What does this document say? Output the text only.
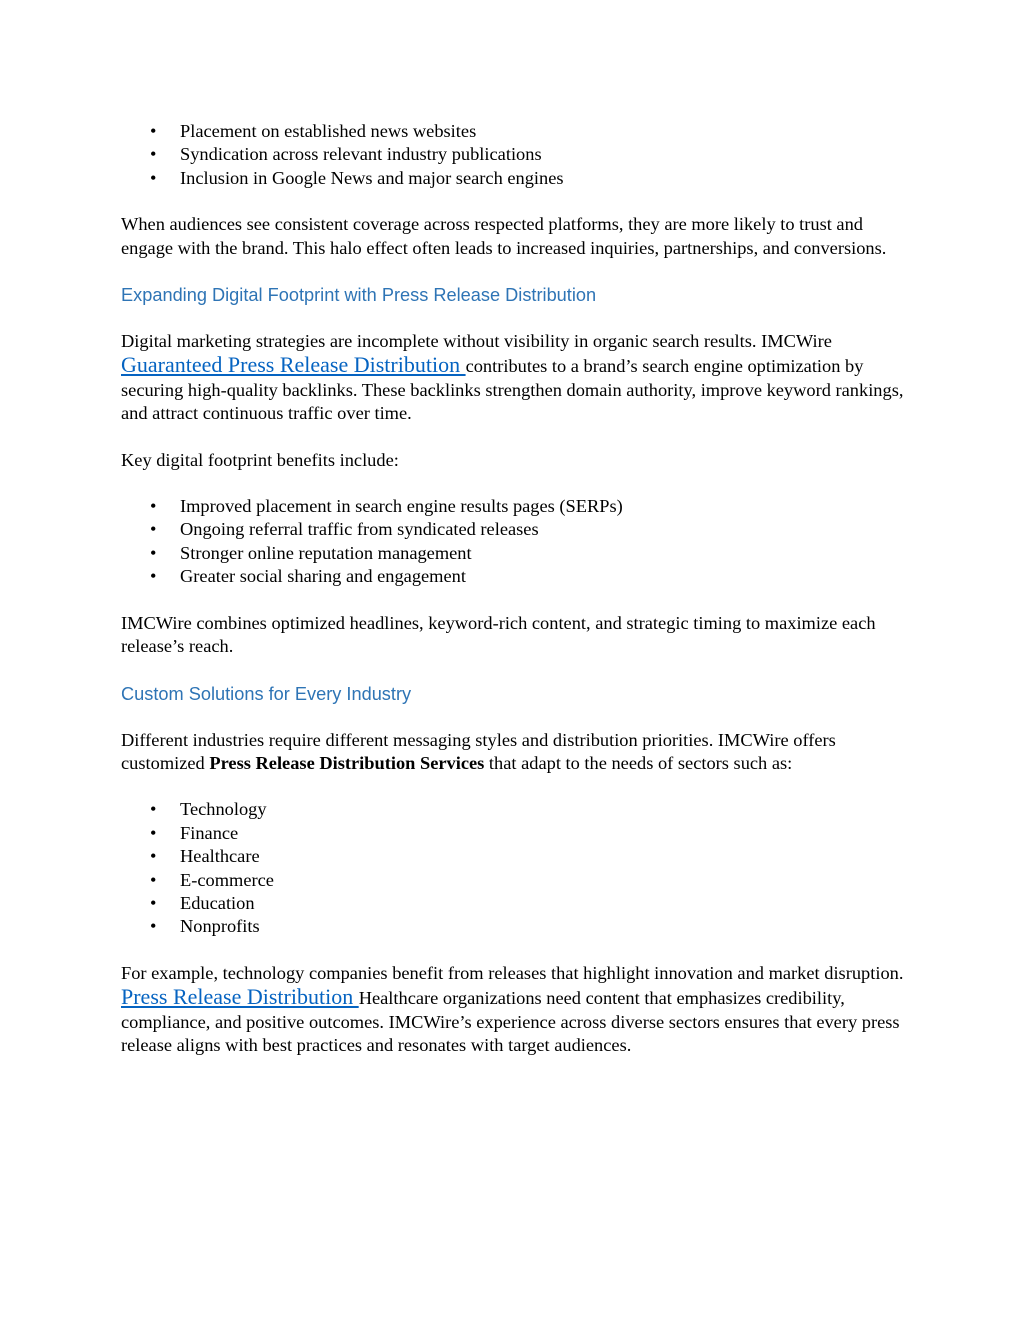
• Placement on established news websites
• Syndication across relevant industry publications
• Inclusion in Google News and major search engines

When audiences see consistent coverage across respected platforms, they are more likely to trust and engage with the brand. This halo effect often leads to increased inquiries, partnerships, and conversions.

Expanding Digital Footprint with Press Release Distribution

Digital marketing strategies are incomplete without visibility in organic search results. IMCWire Guaranteed Press Release Distribution contributes to a brand’s search engine optimization by securing high-quality backlinks. These backlinks strengthen domain authority, improve keyword rankings, and attract continuous traffic over time.

Key digital footprint benefits include:

• Improved placement in search engine results pages (SERPs)
• Ongoing referral traffic from syndicated releases
• Stronger online reputation management
• Greater social sharing and engagement

IMCWire combines optimized headlines, keyword-rich content, and strategic timing to maximize each release’s reach.

Custom Solutions for Every Industry

Different industries require different messaging styles and distribution priorities. IMCWire offers customized Press Release Distribution Services that adapt to the needs of sectors such as:

• Technology
• Finance
• Healthcare
• E-commerce
• Education
• Nonprofits

For example, technology companies benefit from releases that highlight innovation and market disruption. Press Release Distribution Healthcare organizations need content that emphasizes credibility, compliance, and positive outcomes. IMCWire’s experience across diverse sectors ensures that every press release aligns with best practices and resonates with target audiences.
